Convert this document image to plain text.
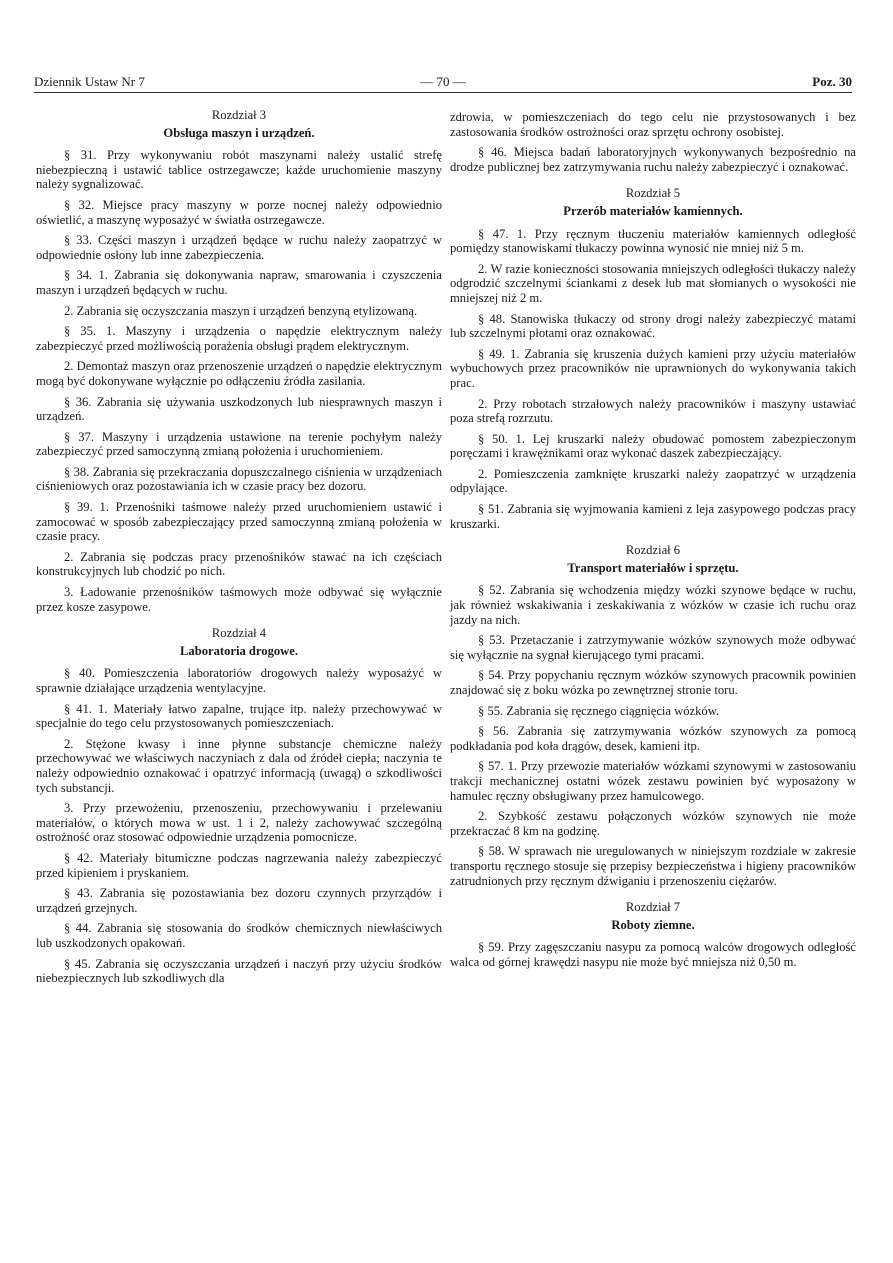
Dziennik Ustaw Nr 7	— 70 —	Poz. 30
Rozdział 3
Obsługa maszyn i urządzeń.
§ 31. Przy wykonywaniu robót maszynami należy ustalić strefę niebezpieczną i ustawić tablice ostrzegawcze; każde uruchomienie maszyny należy sygnalizować.
§ 32. Miejsce pracy maszyny w porze nocnej należy odpowiednio oświetlić, a maszynę wyposażyć w światła ostrzegawcze.
§ 33. Części maszyn i urządzeń będące w ruchu należy zaopatrzyć w odpowiednie osłony lub inne zabezpieczenia.
§ 34. 1. Zabrania się dokonywania napraw, smarowania i czyszczenia maszyn i urządzeń będących w ruchu.
2. Zabrania się oczyszczania maszyn i urządzeń benzyną etylizowaną.
§ 35. 1. Maszyny i urządzenia o napędzie elektrycznym należy zabezpieczyć przed możliwością porażenia obsługi prądem elektrycznym.
2. Demontaż maszyn oraz przenoszenie urządzeń o napędzie elektrycznym mogą być dokonywane wyłącznie po odłączeniu źródła zasilania.
§ 36. Zabrania się używania uszkodzonych lub niesprawnych maszyn i urządzeń.
§ 37. Maszyny i urządzenia ustawione na terenie pochyłym należy zabezpieczyć przed samoczynną zmianą położenia i uruchomieniem.
§ 38. Zabrania się przekraczania dopuszczalnego ciśnienia w urządzeniach ciśnieniowych oraz pozostawiania ich w czasie pracy bez dozoru.
§ 39. 1. Przenośniki taśmowe należy przed uruchomieniem ustawić i zamocować w sposób zabezpieczający przed samoczynną zmianą położenia w czasie pracy.
2. Zabrania się podczas pracy przenośników stawać na ich częściach konstrukcyjnych lub chodzić po nich.
3. Ładowanie przenośników taśmowych może odbywać się wyłącznie przez kosze zasypowe.
Rozdział 4
Laboratoria drogowe.
§ 40. Pomieszczenia laboratoriów drogowych należy wyposażyć w sprawnie działające urządzenia wentylacyjne.
§ 41. 1. Materiały łatwo zapalne, trujące itp. należy przechowywać w specjalnie do tego celu przystosowanych pomieszczeniach.
2. Stężone kwasy i inne płynne substancje chemiczne należy przechowywać we właściwych naczyniach z dala od źródeł ciepła; naczynia te należy odpowiednio oznakować i opatrzyć informacją (uwagą) o szkodliwości tych substancji.
3. Przy przewożeniu, przenoszeniu, przechowywaniu i przelewaniu materiałów, o których mowa w ust. 1 i 2, należy zachowywać szczególną ostrożność oraz stosować odpowiednie urządzenia pomocnicze.
§ 42. Materiały bitumiczne podczas nagrzewania należy zabezpieczyć przed kipieniem i pryskaniem.
§ 43. Zabrania się pozostawiania bez dozoru czynnych przyrządów i urządzeń grzejnych.
§ 44. Zabrania się stosowania do środków chemicznych niewłaściwych lub uszkodzonych opakowań.
§ 45. Zabrania się oczyszczania urządzeń i naczyń przy użyciu środków niebezpiecznych lub szkodliwych dla
zdrowia, w pomieszczeniach do tego celu nie przystosowanych i bez zastosowania środków ostrożności oraz sprzętu ochrony osobistej.
§ 46. Miejsca badań laboratoryjnych wykonywanych bezpośrednio na drodze publicznej bez zatrzymywania ruchu należy zabezpieczyć i oznakować.
Rozdział 5
Przerób materiałów kamiennych.
§ 47. 1. Przy ręcznym tłuczeniu materiałów kamiennych odległość pomiędzy stanowiskami tłukaczy powinna wynosić nie mniej niż 5 m.
2. W razie konieczności stosowania mniejszych odległości tłukaczy należy odgrodzić szczelnymi ściankami z desek lub mat słomianych o wysokości nie mniejszej niż 2 m.
§ 48. Stanowiska tłukaczy od strony drogi należy zabezpieczyć matami lub szczelnymi płotami oraz oznakować.
§ 49. 1. Zabrania się kruszenia dużych kamieni przy użyciu materiałów wybuchowych przez pracowników nie uprawnionych do wykonywania takich prac.
2. Przy robotach strzałowych należy pracowników i maszyny ustawiać poza strefą rozrzutu.
§ 50. 1. Lej kruszarki należy obudować pomostem zabezpieczonym poręczami i krawężnikami oraz wykonać daszek zabezpieczający.
2. Pomieszczenia zamknięte kruszarki należy zaopatrzyć w urządzenia odpylające.
§ 51. Zabrania się wyjmowania kamieni z leja zasypowego podczas pracy kruszarki.
Rozdział 6
Transport materiałów i sprzętu.
§ 52. Zabrania się wchodzenia między wózki szynowe będące w ruchu, jak również wskakiwania i zeskakiwania z wózków w czasie ich ruchu oraz jazdy na nich.
§ 53. Przetaczanie i zatrzymywanie wózków szynowych może odbywać się wyłącznie na sygnał kierującego tymi pracami.
§ 54. Przy popychaniu ręcznym wózków szynowych pracownik powinien znajdować się z boku wózka po zewnętrznej stronie toru.
§ 55. Zabrania się ręcznego ciągnięcia wózków.
§ 56. Zabrania się zatrzymywania wózków szynowych za pomocą podkładania pod koła drągów, desek, kamieni itp.
§ 57. 1. Przy przewozie materiałów wózkami szynowymi w zastosowaniu trakcji mechanicznej ostatni wózek zestawu powinien być wyposażony w hamulec ręczny obsługiwany przez hamulcowego.
2. Szybkość zestawu połączonych wózków szynowych nie może przekraczać 8 km na godzinę.
§ 58. W sprawach nie uregulowanych w niniejszym rozdziale w zakresie transportu ręcznego stosuje się przepisy bezpieczeństwa i higieny pracowników zatrudnionych przy ręcznym dźwiganiu i przenoszeniu ciężarów.
Rozdział 7
Roboty ziemne.
§ 59. Przy zagęszczaniu nasypu za pomocą walców drogowych odległość walca od górnej krawędzi nasypu nie może być mniejsza niż 0,50 m.
